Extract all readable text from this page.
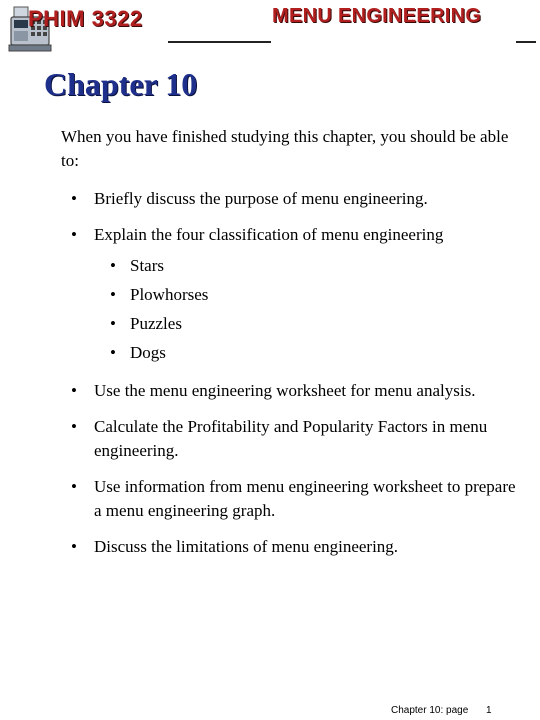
PHIM 3322	MENU ENGINEERING
Chapter 10

When you have finished studying this chapter, you should be able to:

• Briefly discuss the purpose of menu engineering.
• Explain the four classification of menu engineering
• Stars
• Plowhorses
• Puzzles
• Dogs
• Use the menu engineering worksheet for menu analysis.
• Calculate the Profitability and Popularity Factors in menu engineering.
• Use information from menu engineering worksheet to prepare a menu engineering graph.
• Discuss the limitations of menu engineering.
Chapter 10: page 1
